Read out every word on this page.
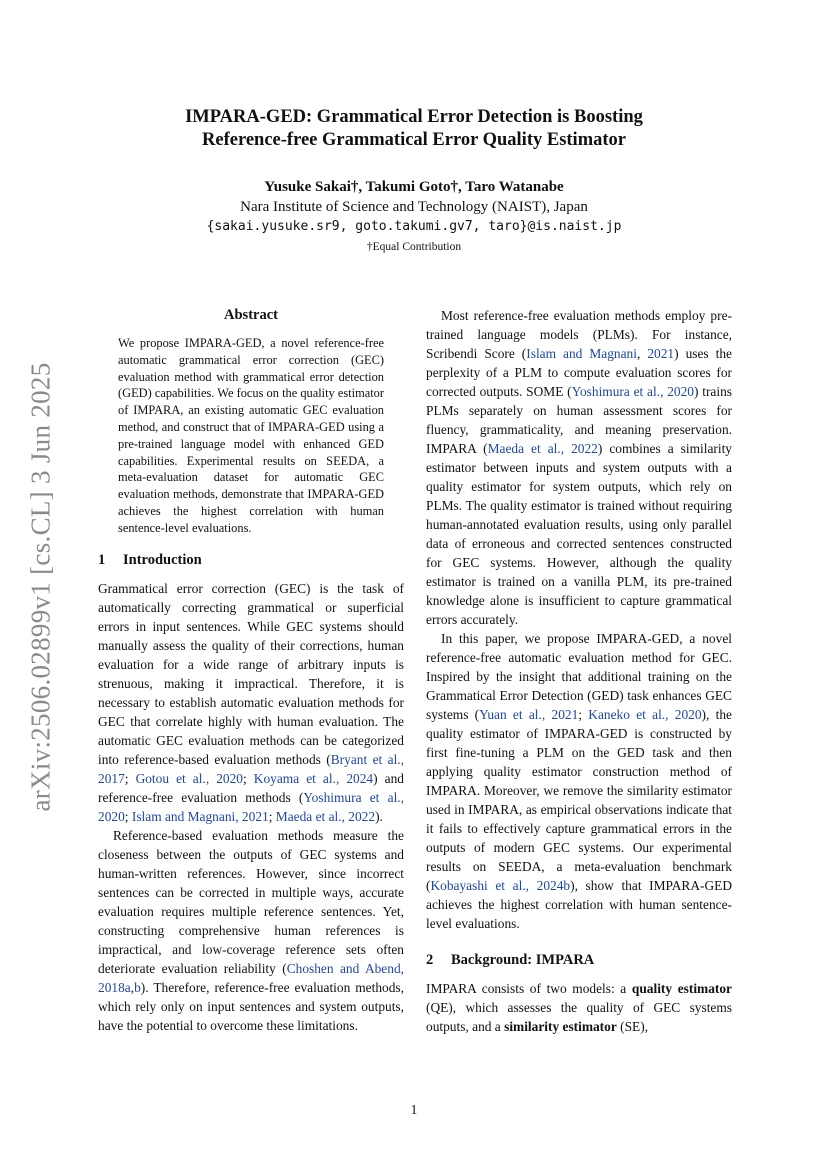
arXiv:2506.02899v1 [cs.CL] 3 Jun 2025
IMPARA-GED: Grammatical Error Detection is Boosting
Reference-free Grammatical Error Quality Estimator
Yusuke Sakai†, Takumi Goto†, Taro Watanabe
Nara Institute of Science and Technology (NAIST), Japan
{sakai.yusuke.sr9, goto.takumi.gv7, taro}@is.naist.jp
†Equal Contribution
Abstract

We propose IMPARA-GED, a novel reference-free automatic grammatical error correction (GEC) evaluation method with grammatical error detection (GED) capabilities. We focus on the quality estimator of IMPARA, an existing automatic GEC evaluation method, and construct that of IMPARA-GED using a pre-trained language model with enhanced GED capabilities. Experimental results on SEEDA, a meta-evaluation dataset for automatic GEC evaluation methods, demonstrate that IMPARA-GED achieves the highest correlation with human sentence-level evaluations.

1 Introduction

Grammatical error correction (GEC) is the task of automatically correcting grammatical or superficial errors in input sentences. While GEC systems should manually assess the quality of their corrections, human evaluation for a wide range of arbitrary inputs is strenuous, making it impractical. Therefore, it is necessary to establish automatic evaluation methods for GEC that correlate highly with human evaluation. The automatic GEC evaluation methods can be categorized into reference-based evaluation methods (Bryant et al., 2017; Gotou et al., 2020; Koyama et al., 2024) and reference-free evaluation methods (Yoshimura et al., 2020; Islam and Magnani, 2021; Maeda et al., 2022).

Reference-based evaluation methods measure the closeness between the outputs of GEC systems and human-written references. However, since incorrect sentences can be corrected in multiple ways, accurate evaluation requires multiple reference sentences. Yet, constructing comprehensive human references is impractical, and low-coverage reference sets often deteriorate evaluation reliability (Choshen and Abend, 2018a,b). Therefore, reference-free evaluation methods, which rely only on input sentences and system outputs, have the potential to overcome these limitations.

Most reference-free evaluation methods employ pre-trained language models (PLMs). For instance, Scribendi Score (Islam and Magnani, 2021) uses the perplexity of a PLM to compute evaluation scores for corrected outputs. SOME (Yoshimura et al., 2020) trains PLMs separately on human assessment scores for fluency, grammaticality, and meaning preservation. IMPARA (Maeda et al., 2022) combines a similarity estimator between inputs and system outputs with a quality estimator for system outputs, which rely on PLMs. The quality estimator is trained without requiring human-annotated evaluation results, using only parallel data of erroneous and corrected sentences constructed for GEC systems. However, although the quality estimator is trained on a vanilla PLM, its pre-trained knowledge alone is insufficient to capture grammatical errors accurately.

In this paper, we propose IMPARA-GED, a novel reference-free automatic evaluation method for GEC. Inspired by the insight that additional training on the Grammatical Error Detection (GED) task enhances GEC systems (Yuan et al., 2021; Kaneko et al., 2020), the quality estimator of IMPARA-GED is constructed by first fine-tuning a PLM on the GED task and then applying quality estimator construction method of IMPARA. Moreover, we remove the similarity estimator used in IMPARA, as empirical observations indicate that it fails to effectively capture grammatical errors in the outputs of modern GEC systems. Our experimental results on SEEDA, a meta-evaluation benchmark (Kobayashi et al., 2024b), show that IMPARA-GED achieves the highest correlation with human sentence-level evaluations.

2 Background: IMPARA

IMPARA consists of two models: a quality estimator (QE), which assesses the quality of GEC systems outputs, and a similarity estimator (SE),

1
